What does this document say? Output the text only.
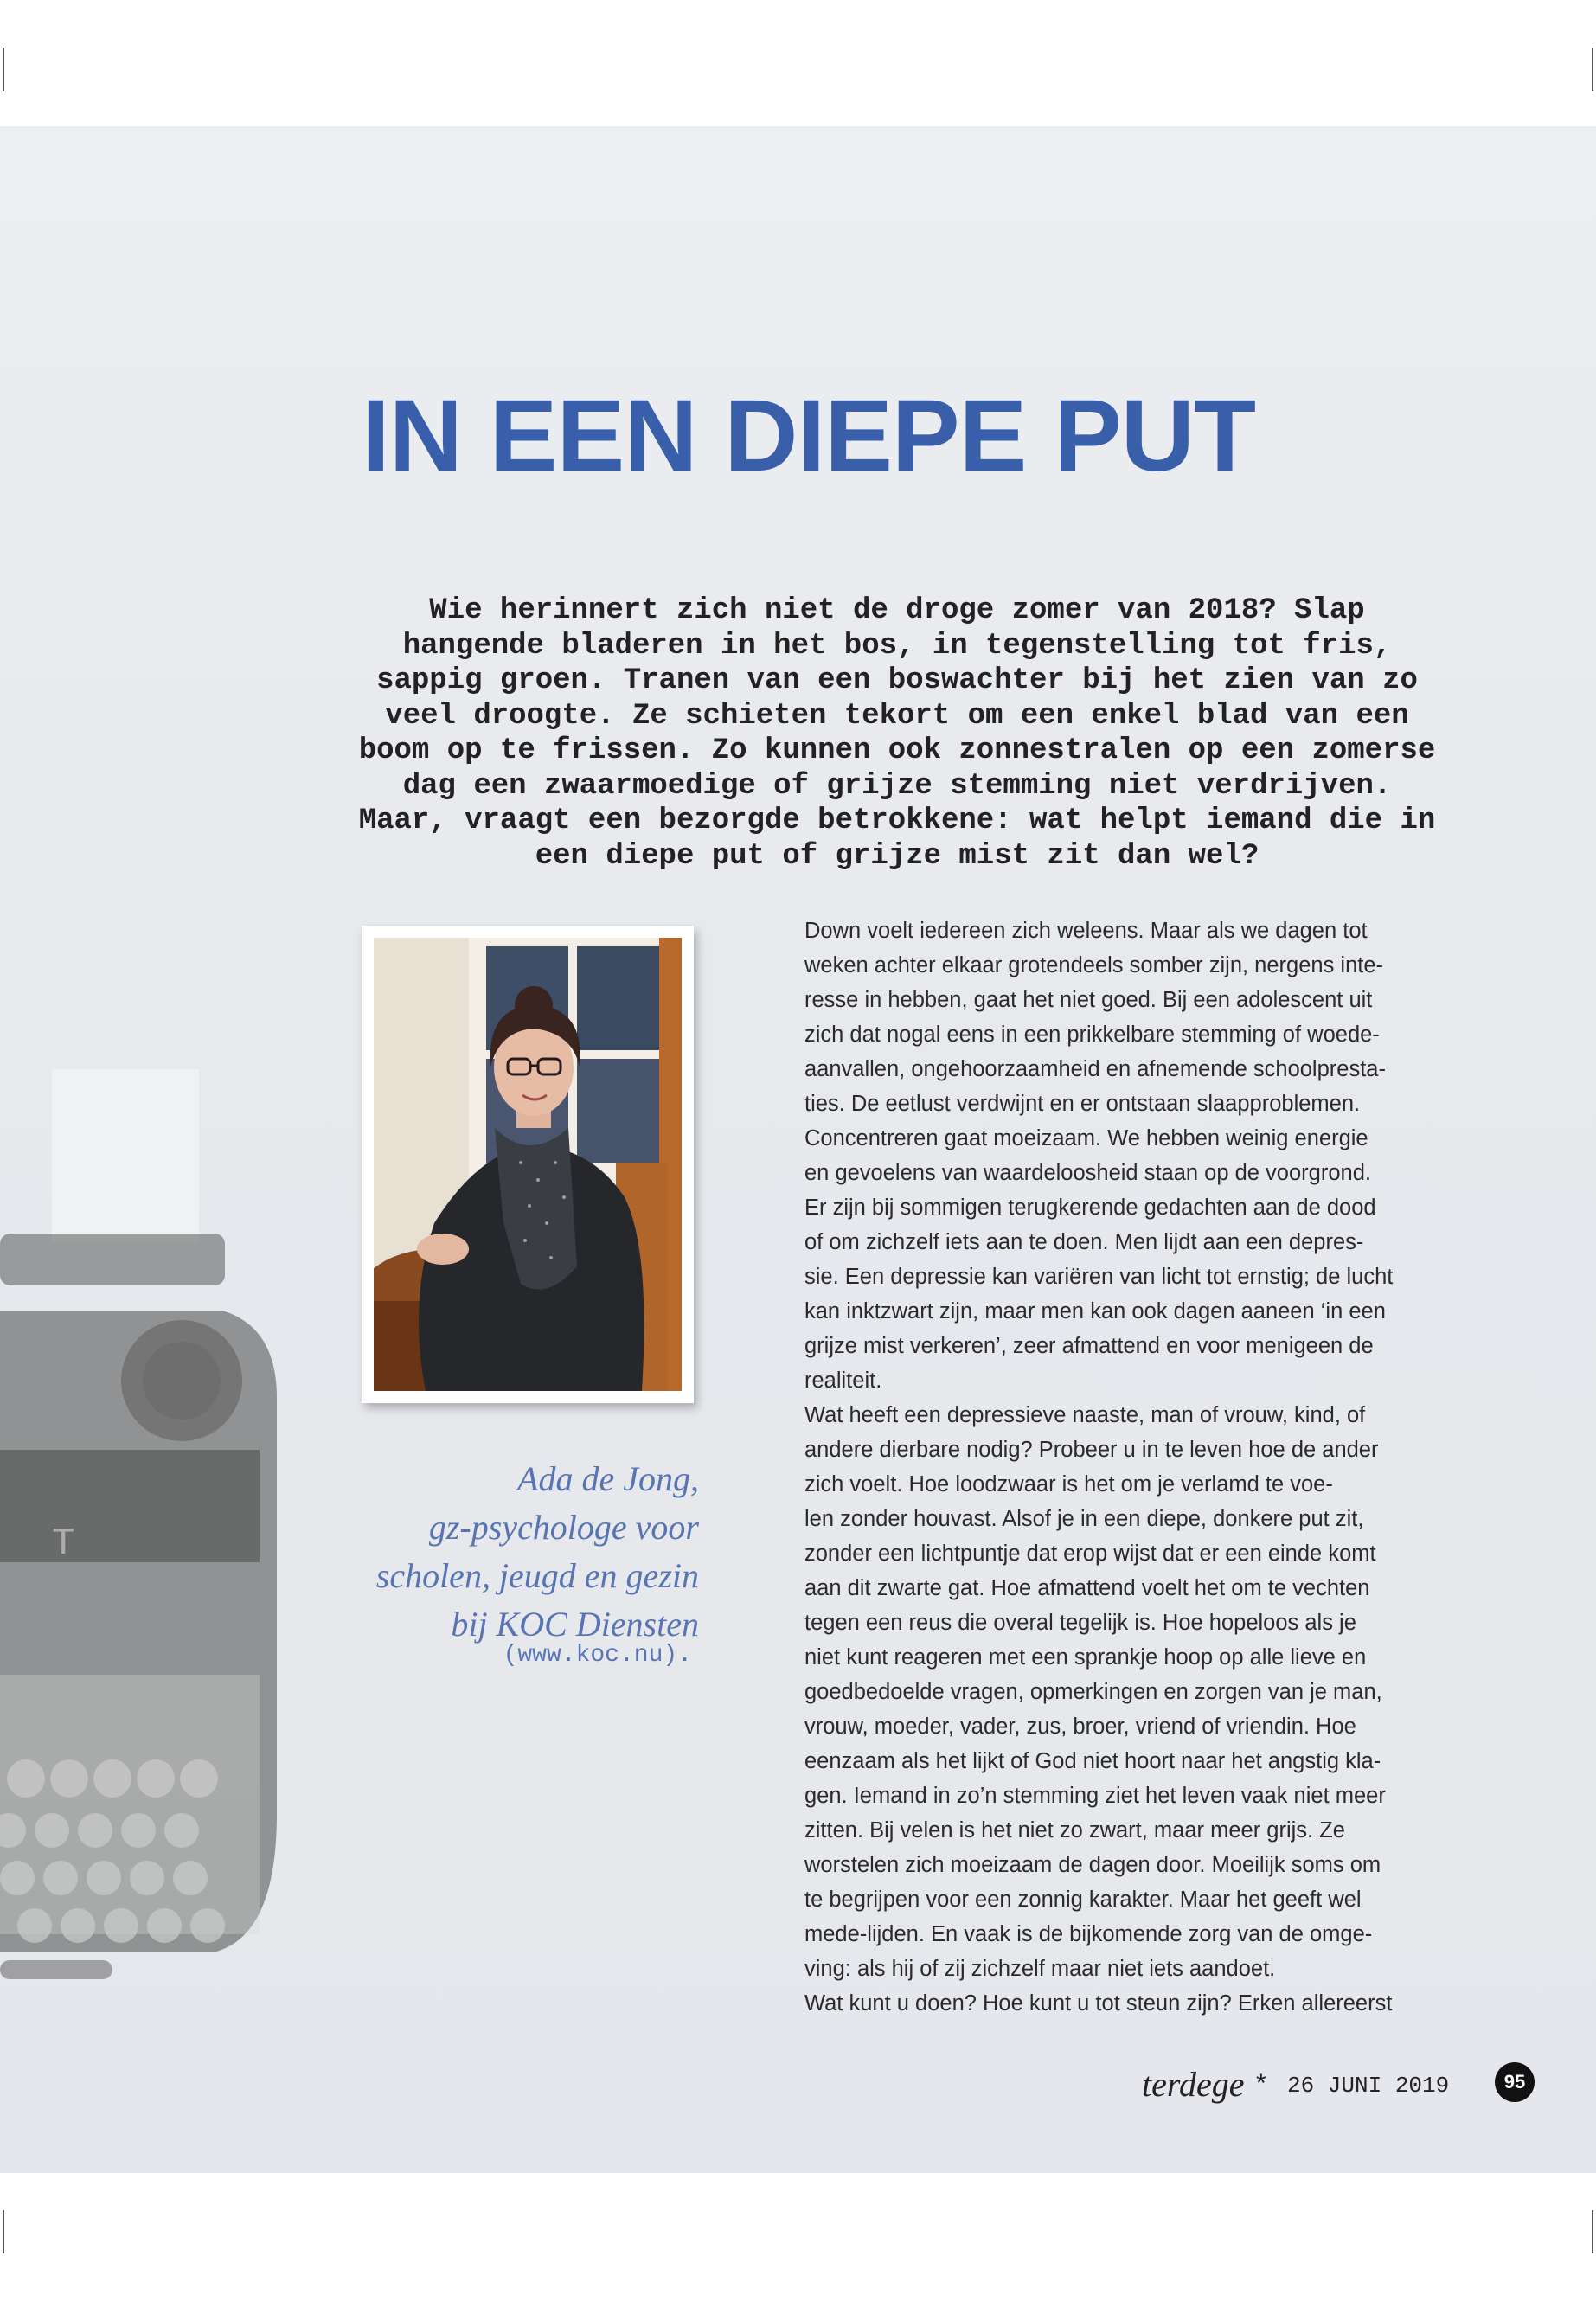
T
IN EEN DIEPE PUT

Wie herinnert zich niet de droge zomer van 2018? Slap hangende bladeren in het bos, in tegenstelling tot fris, sappig groen. Tranen van een boswachter bij het zien van zo veel droogte. Ze schieten tekort om een enkel blad van een boom op te frissen. Zo kunnen ook zonnestralen op een zomerse dag een zwaarmoedige of grijze stemming niet verdrijven. Maar, vraagt een bezorgde betrokkene: wat helpt iemand die in een diepe put of grijze mist zit dan wel?

Ada de Jong,
gz-psychologe voor
scholen, jeugd en gezin
bij KOC Diensten

(www.koc.nu).

Down voelt iedereen zich weleens. Maar als we dagen tot
weken achter elkaar grotendeels somber zijn, nergens inte-
resse in hebben, gaat het niet goed. Bij een adolescent uit
zich dat nogal eens in een prikkelbare stemming of woede-
aanvallen, ongehoorzaamheid en afnemende schoolpresta-
ties. De eetlust verdwijnt en er ontstaan slaapproblemen.
Concentreren gaat moeizaam. We hebben weinig energie
en gevoelens van waardeloosheid staan op de voorgrond.
Er zijn bij sommigen terugkerende gedachten aan de dood
of om zichzelf iets aan te doen. Men lijdt aan een depres-
sie. Een depressie kan variëren van licht tot ernstig; de lucht
kan inktzwart zijn, maar men kan ook dagen aaneen ‘in een
grijze mist verkeren’, zeer afmattend en voor menigeen de
realiteit.
Wat heeft een depressieve naaste, man of vrouw, kind, of
andere dierbare nodig? Probeer u in te leven hoe de ander
zich voelt. Hoe loodzwaar is het om je verlamd te voe-
len zonder houvast. Alsof je in een diepe, donkere put zit,
zonder een lichtpuntje dat erop wijst dat er een einde komt
aan dit zwarte gat. Hoe afmattend voelt het om te vechten
tegen een reus die overal tegelijk is. Hoe hopeloos als je
niet kunt reageren met een sprankje hoop op alle lieve en
goedbedoelde vragen, opmerkingen en zorgen van je man,
vrouw, moeder, vader, zus, broer, vriend of vriendin. Hoe
eenzaam als het lijkt of God niet hoort naar het angstig kla-
gen. Iemand in zo’n stemming ziet het leven vaak niet meer
zitten. Bij velen is het niet zo zwart, maar meer grijs. Ze
worstelen zich moeizaam de dagen door. Moeilijk soms om
te begrijpen voor een zonnig karakter. Maar het geeft wel
mede-lijden. En vaak is de bijkomende zorg van de omge-
ving: als hij of zij zichzelf maar niet iets aandoet.
Wat kunt u doen? Hoe kunt u tot steun zijn? Erken allereerst
terdege * 26 JUNI 2019	95
